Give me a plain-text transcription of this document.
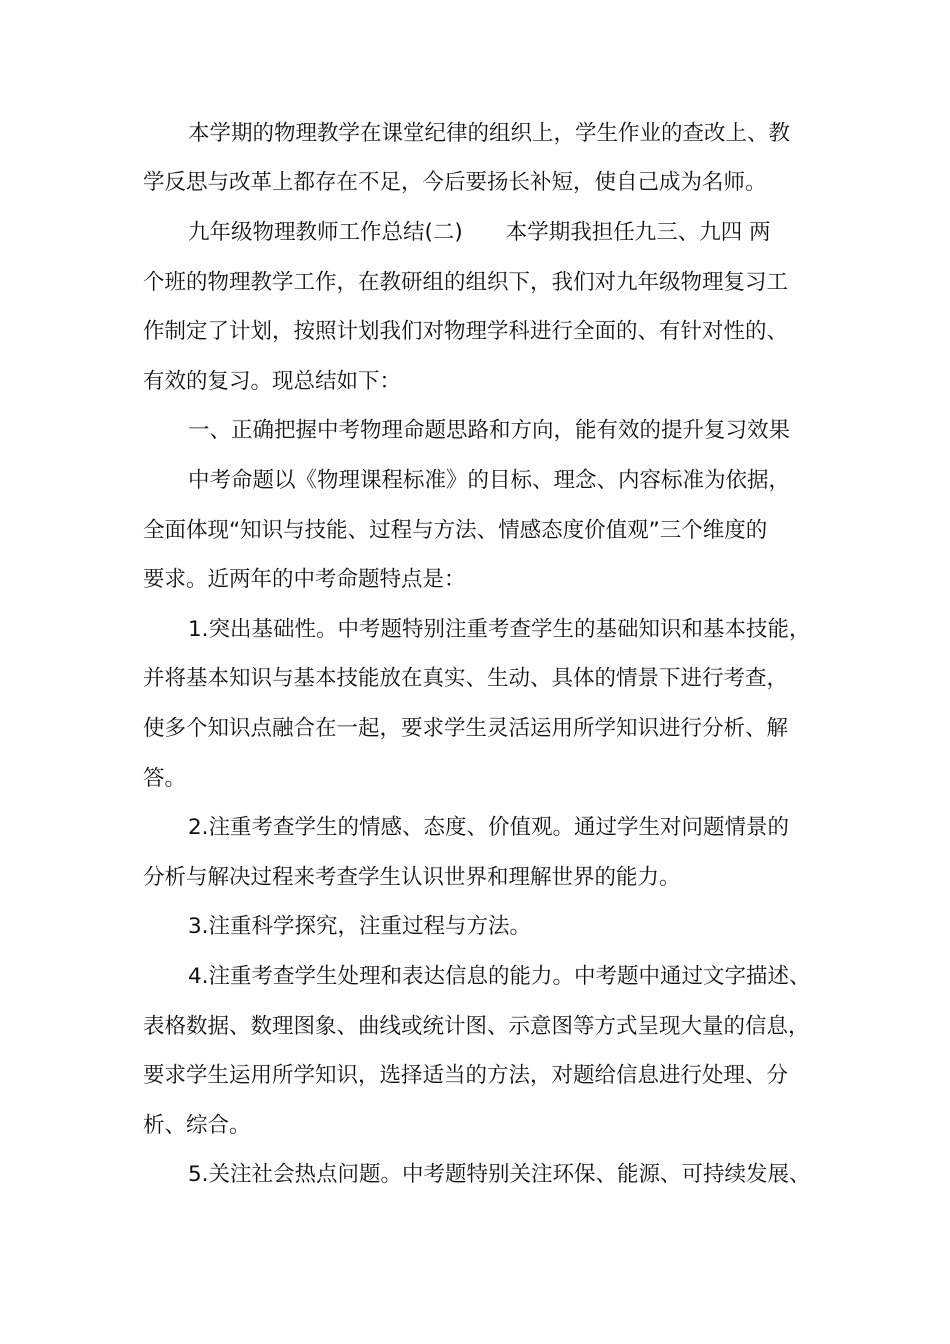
本学期的物理教学在课堂纪律的组织上，学生作业的查改上、教
学反思与改革上都存在不足，今后要扬长补短，使自己成为名师。
九年级物理教师工作总结(二)　　本学期我担任九三、九四 两
个班的物理教学工作，在教研组的组织下，我们对九年级物理复习工
作制定了计划，按照计划我们对物理学科进行全面的、有针对性的、
有效的复习。现总结如下：
一、正确把握中考物理命题思路和方向，能有效的提升复习效果
中考命题以《物理课程标准》的目标、理念、内容标准为依据，
全面体现“知识与技能、过程与方法、情感态度价值观”三个维度的
要求。近两年的中考命题特点是：
1.突出基础性。中考题特别注重考查学生的基础知识和基本技能，
并将基本知识与基本技能放在真实、生动、具体的情景下进行考查，
使多个知识点融合在一起，要求学生灵活运用所学知识进行分析、解
答。
2.注重考查学生的情感、态度、价值观。通过学生对问题情景的
分析与解决过程来考查学生认识世界和理解世界的能力。
3.注重科学探究，注重过程与方法。
4.注重考查学生处理和表达信息的能力。中考题中通过文字描述、
表格数据、数理图象、曲线或统计图、示意图等方式呈现大量的信息，
要求学生运用所学知识，选择适当的方法，对题给信息进行处理、分
析、综合。
5.关注社会热点问题。中考题特别关注环保、能源、可持续发展、
